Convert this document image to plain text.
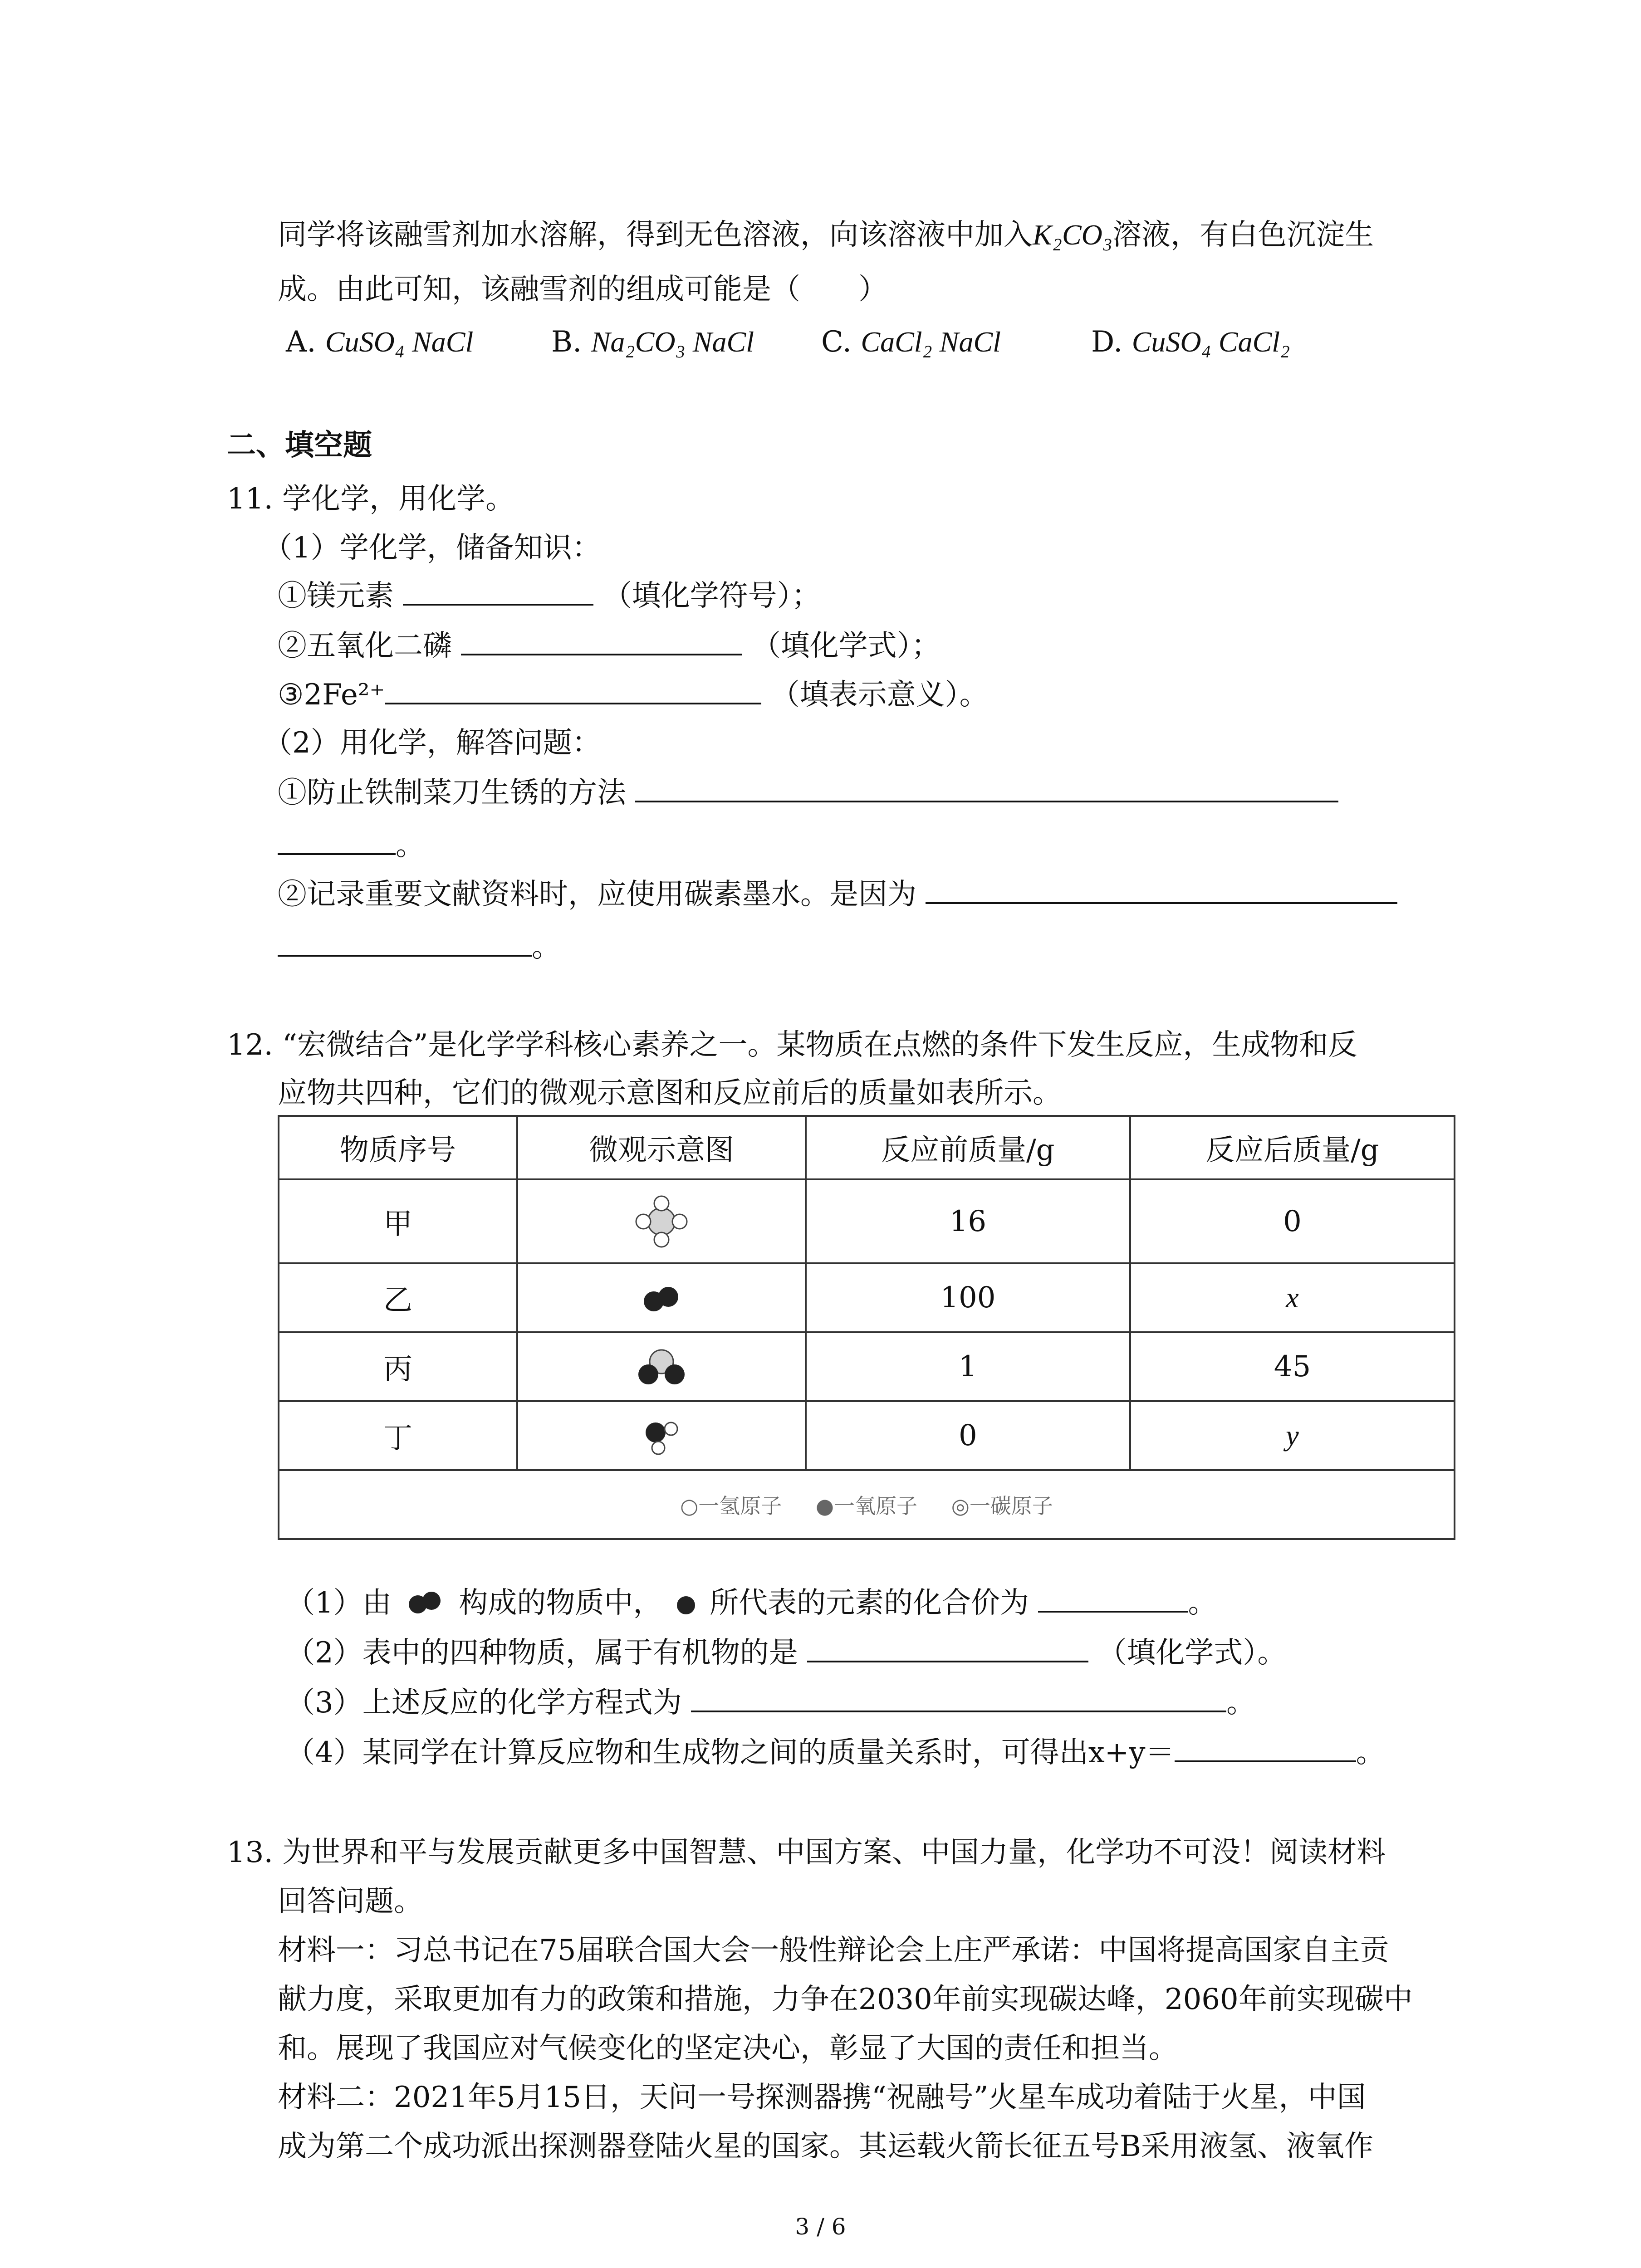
同学将该融雪剂加水溶解，得到无色溶液，向该溶液中加入K₂CO₃溶液，有白色沉淀生
成。由此可知，该融雪剂的组成可能是（　　）
A. CuSO₄ NaCl	B. Na₂CO₃ NaCl C. CaCl₂ NaCl	D. CuSO₄ CaCl₂
二、填空题
11. 学化学，用化学。
（1）学化学，储备知识：
①镁元素	（填化学符号）；
②五氧化二磷	（填化学式）；
③2Fe²⁺	（填表示意义）。
（2）用化学，解答问题：
①防止铁制菜刀生锈的方法
。
②记录重要文献资料时，应使用碳素墨水。是因为
。
12. “宏微结合”是化学学科核心素养之一。某物质在点燃的条件下发生反应，生成物和反
应物共四种，它们的微观示意图和反应前后的质量如表所示。
物质序号	微观示意图	反应前质量/g	反应后质量/g
甲		16	0
乙		100	x
丙		1	45
丁		0	y
○一氢原子 ●一氧原子 ◎一碳原子			
（1）由 构成的物质中， 所代表的元素的化合价为	。
（2）表中的四种物质，属于有机物的是	（填化学式）。
（3）上述反应的化学方程式为	。
（4）某同学在计算反应物和生成物之间的质量关系时，可得出x+y＝	。
13. 为世界和平与发展贡献更多中国智慧、中国方案、中国力量，化学功不可没！阅读材料
回答问题。
材料一：习总书记在75届联合国大会一般性辩论会上庄严承诺：中国将提高国家自主贡
献力度，采取更加有力的政策和措施，力争在2030年前实现碳达峰，2060年前实现碳中
和。展现了我国应对气候变化的坚定决心，彰显了大国的责任和担当。
材料二：2021年5月15日，天问一号探测器携“祝融号”火星车成功着陆于火星，中国
成为第二个成功派出探测器登陆火星的国家。其运载火箭长征五号B采用液氢、液氧作
3 / 6
